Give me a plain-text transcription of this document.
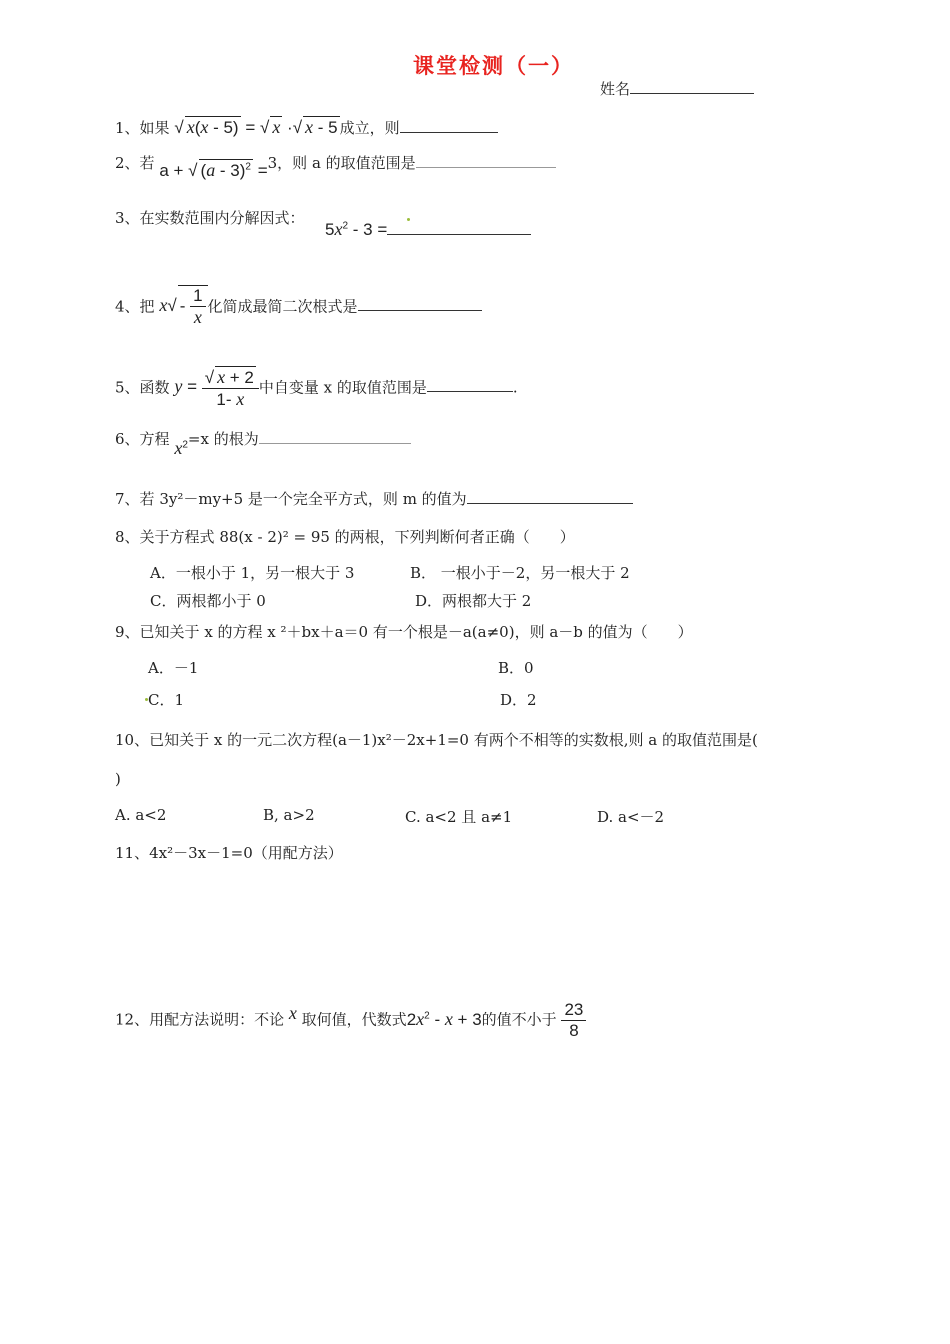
课堂检测（一）
姓名
1、如果 √ x(x - 5) = √ x ·√ x - 5 成立，则
2、若 a + √ (a - 3)$^2$ =3，则 a 的取值范围是
3、在实数范围内分解因式：
$5x^2 - 3$ =
4、把 $x√ - \frac{1}{x}$ 化简成最简二次根式是
5、函数 $y = \frac{√ x + 2}{1- x}$ 中自变量 x 的取值范围是	.
6、方程 $x^2=x$ 的根为
7、若 3y²－my+5 是一个完全平方式，则 m 的值为
8、关于方程式 88(x - 2)² = 95 的两根，下列判断何者正确（　　）
A．一根小于 1，另一根大于 3	B． 一根小于－2，另一根大于 2
C．两根都小于 0	D．两根都大于 2
9、已知关于 x 的方程 x ²＋bx＋a＝0 有一个根是－a(a≠0)，则 a－b 的值为（　　）
A．－1	B．0
C．1	D．2
10、已知关于 x 的一元二次方程(a－1)x²－2x+1=0 有两个不相等的实数根,则 a 的取值范围是(
)
A. a<2	B, a>2	C. a<2 且 a≠1	D. a<－2
11、4x²－3x－1=0（用配方法）
12、用配方法说明：不论 x 取何值，代数式$2x^2 - x + 3$的值不小于 $\frac{23}{8}$
